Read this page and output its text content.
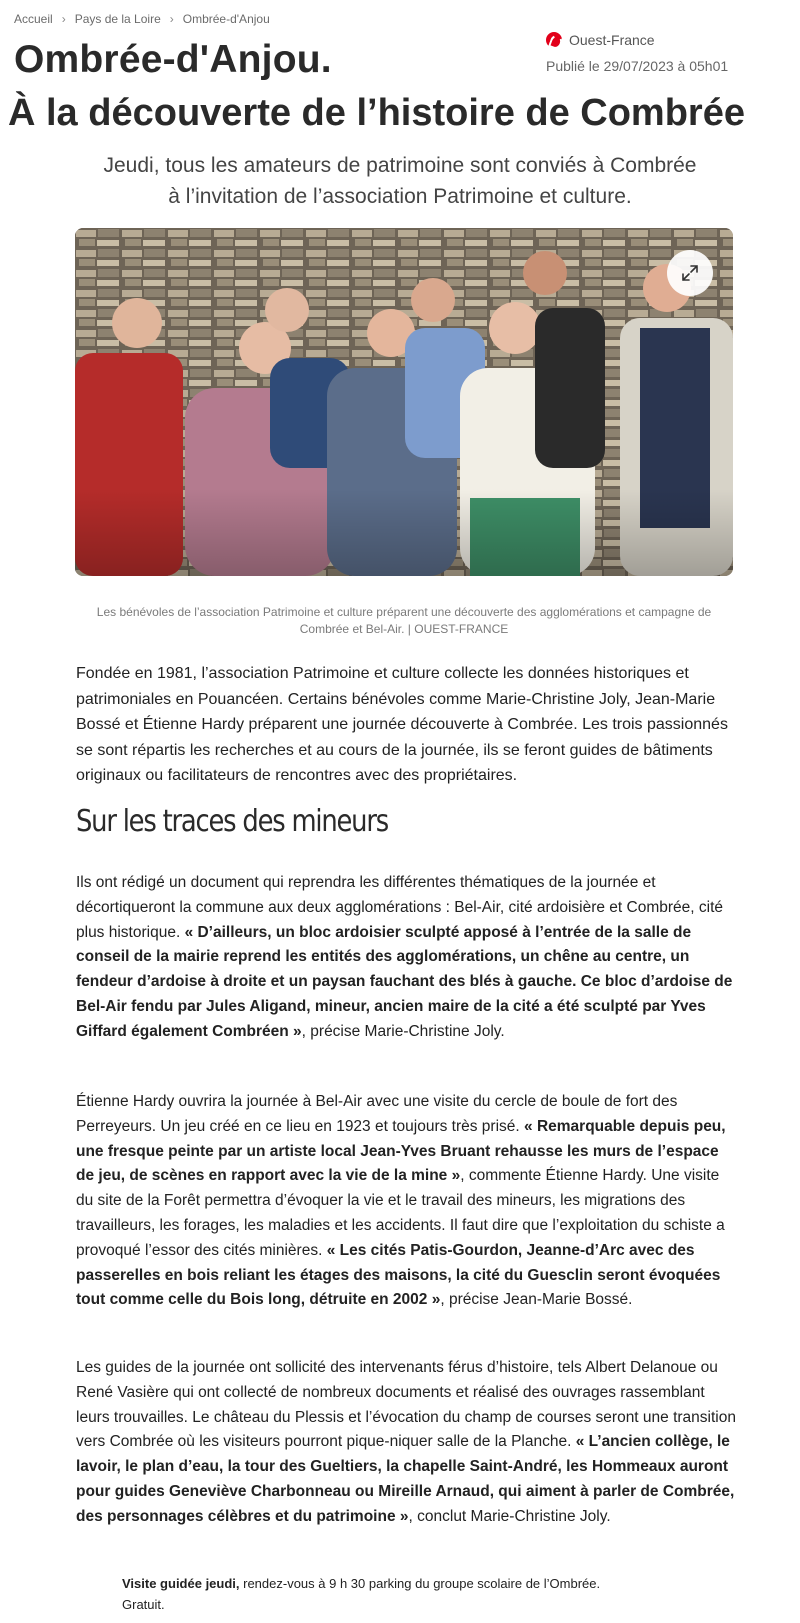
Accueil › Pays de la Loire › Ombrée-d'Anjou
Ouest-France
Publié le 29/07/2023 à 05h01
Ombrée-d'Anjou.
À la découverte de l’histoire de Combrée
Jeudi, tous les amateurs de patrimoine sont conviés à Combrée
à l’invitation de l’association Patrimoine et culture.
Les bénévoles de l’association Patrimoine et culture préparent une découverte des agglomérations et campagne de
Combrée et Bel-Air. | OUEST-FRANCE

Fondée en 1981, l’association Patrimoine et culture collecte les données historiques et patrimoniales en Pouancéen. Certains bénévoles comme Marie-Christine Joly, Jean-Marie Bossé et Étienne Hardy préparent une journée découverte à Combrée. Les trois passionnés se sont répartis les recherches et au cours de la journée, ils se feront guides de bâtiments originaux ou facilitateurs de rencontres avec des propriétaires.

Sur les traces des mineurs

Ils ont rédigé un document qui reprendra les différentes thématiques de la journée et décortiqueront la commune aux deux agglomérations : Bel-Air, cité ardoisière et Combrée, cité plus historique. « D’ailleurs, un bloc ardoisier sculpté apposé à l’entrée de la salle de conseil de la mairie reprend les entités des agglomérations, un chêne au centre, un fendeur d’ardoise à droite et un paysan fauchant des blés à gauche. Ce bloc d’ardoise de Bel-Air fendu par Jules Aligand, mineur, ancien maire de la cité a été sculpté par Yves Giffard également Combréen », précise Marie-Christine Joly.

Étienne Hardy ouvrira la journée à Bel-Air avec une visite du cercle de boule de fort des Perreyeurs. Un jeu créé en ce lieu en 1923 et toujours très prisé. « Remarquable depuis peu, une fresque peinte par un artiste local Jean-Yves Bruant rehausse les murs de l’espace de jeu, de scènes en rapport avec la vie de la mine », commente Étienne Hardy. Une visite du site de la Forêt permettra d’évoquer la vie et le travail des mineurs, les migrations des travailleurs, les forages, les maladies et les accidents. Il faut dire que l’exploitation du schiste a provoqué l’essor des cités minières. « Les cités Patis-Gourdon, Jeanne-d’Arc avec des passerelles en bois reliant les étages des maisons, la cité du Guesclin seront évoquées tout comme celle du Bois long, détruite en 2002 », précise Jean-Marie Bossé.

Les guides de la journée ont sollicité des intervenants férus d’histoire, tels Albert Delanoue ou René Vasière qui ont collecté de nombreux documents et réalisé des ouvrages rassemblant leurs trouvailles. Le château du Plessis et l’évocation du champ de courses seront une transition vers Combrée où les visiteurs pourront pique-niquer salle de la Planche. « L’ancien collège, le lavoir, le plan d’eau, la tour des Gueltiers, la chapelle Saint-André, les Hommeaux auront pour guides Geneviève Charbonneau ou Mireille Arnaud, qui aiment à parler de Combrée, des personnages célèbres et du patrimoine », conclut Marie-Christine Joly.

Visite guidée jeudi, rendez-vous à 9 h 30 parking du groupe scolaire de l’Ombrée.
Gratuit.
